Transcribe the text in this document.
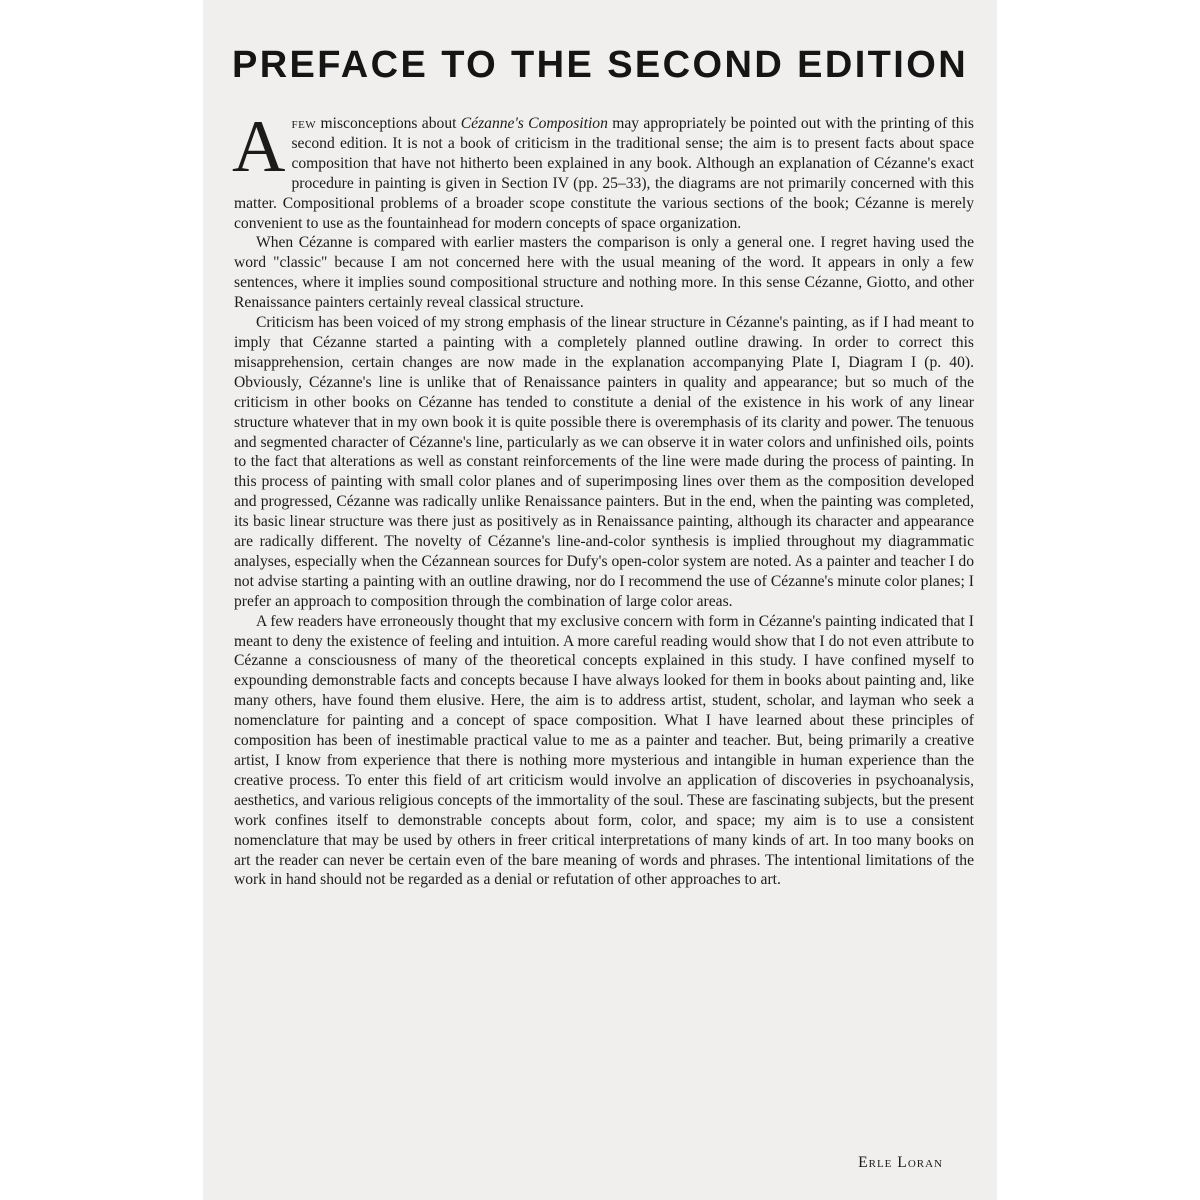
PREFACE TO THE SECOND EDITION

Afew misconceptions about Cézanne's Composition may appropriately be pointed out with the printing of this second edition. It is not a book of criticism in the traditional sense; the aim is to present facts about space composition that have not hitherto been explained in any book. Although an explanation of Cézanne's exact procedure in painting is given in Section IV (pp. 25–33), the diagrams are not primarily concerned with this matter. Compositional problems of a broader scope constitute the various sections of the book; Cézanne is merely convenient to use as the fountainhead for modern concepts of space organization.

When Cézanne is compared with earlier masters the comparison is only a general one. I regret having used the word "classic" because I am not concerned here with the usual meaning of the word. It appears in only a few sentences, where it implies sound compositional structure and nothing more. In this sense Cézanne, Giotto, and other Renaissance painters certainly reveal classical structure.

Criticism has been voiced of my strong emphasis of the linear structure in Cézanne's painting, as if I had meant to imply that Cézanne started a painting with a completely planned outline drawing. In order to correct this misapprehension, certain changes are now made in the explanation accompanying Plate I, Diagram I (p. 40). Obviously, Cézanne's line is unlike that of Renaissance painters in quality and appearance; but so much of the criticism in other books on Cézanne has tended to constitute a denial of the existence in his work of any linear structure whatever that in my own book it is quite possible there is overemphasis of its clarity and power. The tenuous and segmented character of Cézanne's line, particularly as we can observe it in water colors and unfinished oils, points to the fact that alterations as well as constant reinforcements of the line were made during the process of painting. In this process of painting with small color planes and of superimposing lines over them as the composition developed and progressed, Cézanne was radically unlike Renaissance painters. But in the end, when the painting was completed, its basic linear structure was there just as positively as in Renaissance painting, although its character and appearance are radically different. The novelty of Cézanne's line-and-color synthesis is implied throughout my diagrammatic analyses, especially when the Cézannean sources for Dufy's open-color system are noted. As a painter and teacher I do not advise starting a painting with an outline drawing, nor do I recommend the use of Cézanne's minute color planes; I prefer an approach to composition through the combination of large color areas.

A few readers have erroneously thought that my exclusive concern with form in Cézanne's painting indicated that I meant to deny the existence of feeling and intuition. A more careful reading would show that I do not even attribute to Cézanne a consciousness of many of the theoretical concepts explained in this study. I have confined myself to expounding demonstrable facts and concepts because I have always looked for them in books about painting and, like many others, have found them elusive. Here, the aim is to address artist, student, scholar, and layman who seek a nomenclature for painting and a concept of space composition. What I have learned about these principles of composition has been of inestimable practical value to me as a painter and teacher. But, being primarily a creative artist, I know from experience that there is nothing more mysterious and intangible in human experience than the creative process. To enter this field of art criticism would involve an application of discoveries in psychoanalysis, aesthetics, and various religious concepts of the immortality of the soul. These are fascinating subjects, but the present work confines itself to demonstrable concepts about form, color, and space; my aim is to use a consistent nomenclature that may be used by others in freer critical interpretations of many kinds of art. In too many books on art the reader can never be certain even of the bare meaning of words and phrases. The intentional limitations of the work in hand should not be regarded as a denial or refutation of other approaches to art.

Erle Loran
